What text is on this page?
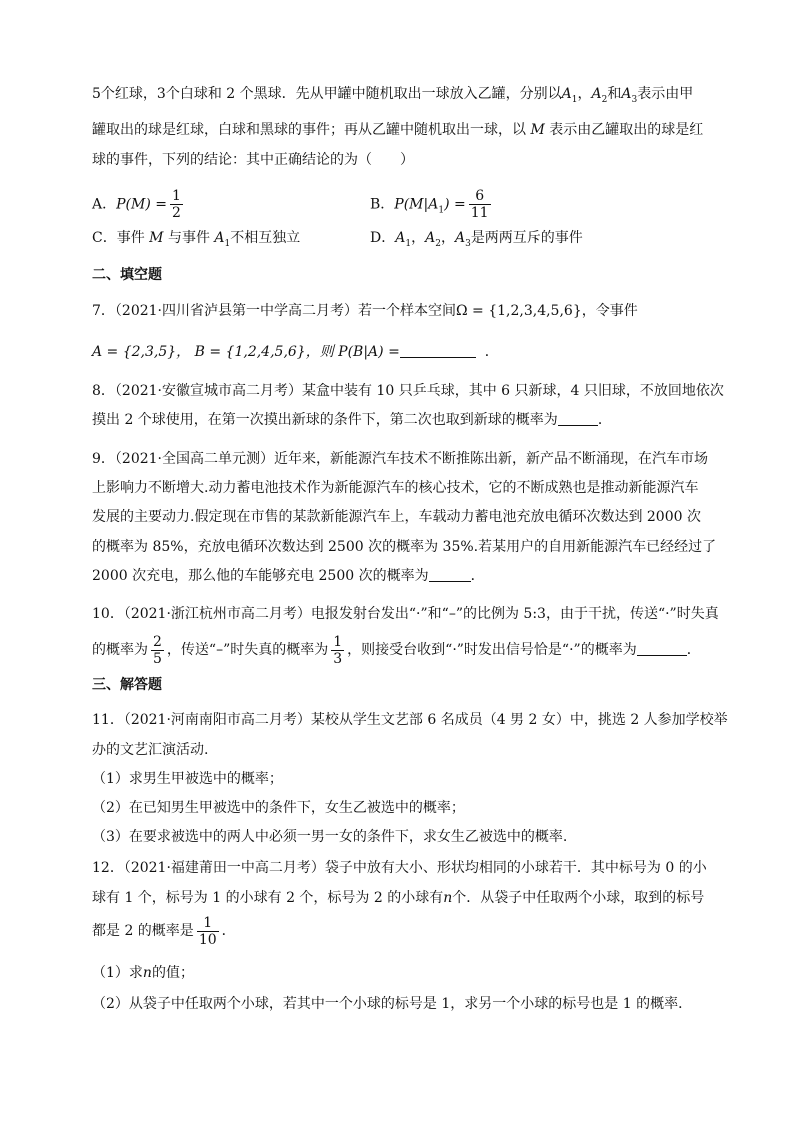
5个红球，3个白球和 2 个黑球．先从甲罐中随机取出一球放入乙罐，分别以$A_1$，$A_2$和$A_3$表示由甲
罐取出的球是红球，白球和黑球的事件；再从乙罐中随机取出一球，以 M 表示由乙罐取出的球是红
球的事件，下列的结论：其中正确结论的为（　　）
A．$P(M) = \frac{1}{2}$	B．$P(M|A_1) = \frac{6}{11}$
C．事件 M 与事件 $A_1$不相互独立	D．$A_1$，$A_2$，$A_3$是两两互斥的事件
二、填空题
7．（2021·四川省泸县第一中学高二月考）若一个样本空间Ω = {1,2,3,4,5,6}，令事件
A = {2,3,5}， B = {1,2,4,5,6}，则 P(B|A) =	．
8．（2021·安徽宣城市高二月考）某盒中装有 10 只乒乓球，其中 6 只新球，4 只旧球，不放回地依次
摸出 2 个球使用，在第一次摸出新球的条件下，第二次也取到新球的概率为	．
9．（2021·全国高二单元测）近年来，新能源汽车技术不断推陈出新，新产品不断涌现，在汽车市场
上影响力不断增大.动力蓄电池技术作为新能源汽车的核心技术，它的不断成熟也是推动新能源汽车
发展的主要动力.假定现在市售的某款新能源汽车上，车载动力蓄电池充放电循环次数达到 2000 次
的概率为 85%，充放电循环次数达到 2500 次的概率为 35%.若某用户的自用新能源汽车已经经过了
2000 次充电，那么他的车能够充电 2500 次的概率为	．
10．（2021·浙江杭州市高二月考）电报发射台发出“·”和“–”的比例为 5:3，由于干扰，传送“·”时失真
的概率为 $\frac{2}{5}$ ，传送“–”时失真的概率为 $\frac{1}{3}$ ，则接受台收到“·”时发出信号恰是“·”的概率为	．
三、解答题
11．（2021·河南南阳市高二月考）某校从学生文艺部 6 名成员（4 男 2 女）中，挑选 2 人参加学校举
办的文艺汇演活动.
（1）求男生甲被选中的概率；
（2）在已知男生甲被选中的条件下，女生乙被选中的概率；
（3）在要求被选中的两人中必须一男一女的条件下，求女生乙被选中的概率.
12．（2021·福建莆田一中高二月考）袋子中放有大小、形状均相同的小球若干．其中标号为 0 的小
球有 1 个，标号为 1 的小球有 2 个，标号为 2 的小球有n个．从袋子中任取两个小球，取到的标号
都是 2 的概率是 $\frac{1}{10}$ ．
（1）求n的值；
（2）从袋子中任取两个小球，若其中一个小球的标号是 1，求另一个小球的标号也是 1 的概率．
